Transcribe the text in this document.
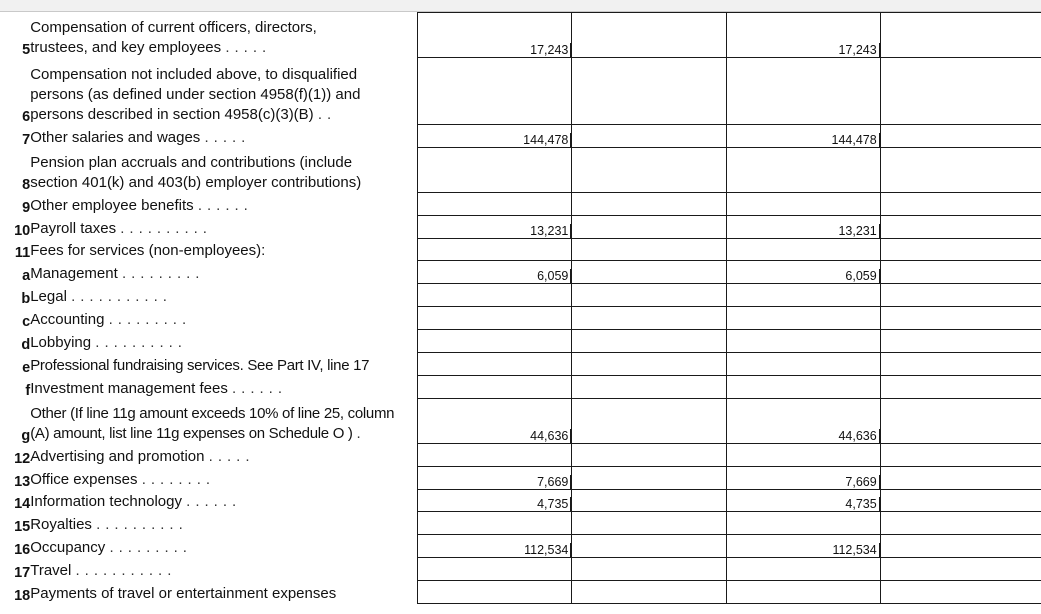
5	Compensation of current officers, directors,
trustees, and key employees .....	17,243		17,243	
6	Compensation not included above, to disqualified
persons (as defined under section 4958(f)(1)) and
persons described in section 4958(c)(3)(B) ..				

7	Other salaries and wages .....	144,478		144,478	
8	Pension plan accruals and contributions (include
section 401(k) and 403(b) employer contributions)				

9	Other employee benefits ......				

10	Payroll taxes ..........	13,231		13,231	
11	Fees for services (non-employees):				

a	Management .........	6,059		6,059	
b	Legal ...........				

c	Accounting .........				

d	Lobbying ..........				

e	Professional fundraising services. See Part IV, line 17				

f	Investment management fees ......				

g	Other (If line 11g amount exceeds 10% of line 25, column
(A) amount, list line 11g expenses on Schedule O ) .	44,636		44,636	
12	Advertising and promotion .....				

13	Office expenses ........	7,669		7,669	
14	Information technology ......	4,735		4,735	
15	Royalties ..........				

16	Occupancy .........	112,534		112,534	
17	Travel ...........				

18	Payments of travel or entertainment expenses				
